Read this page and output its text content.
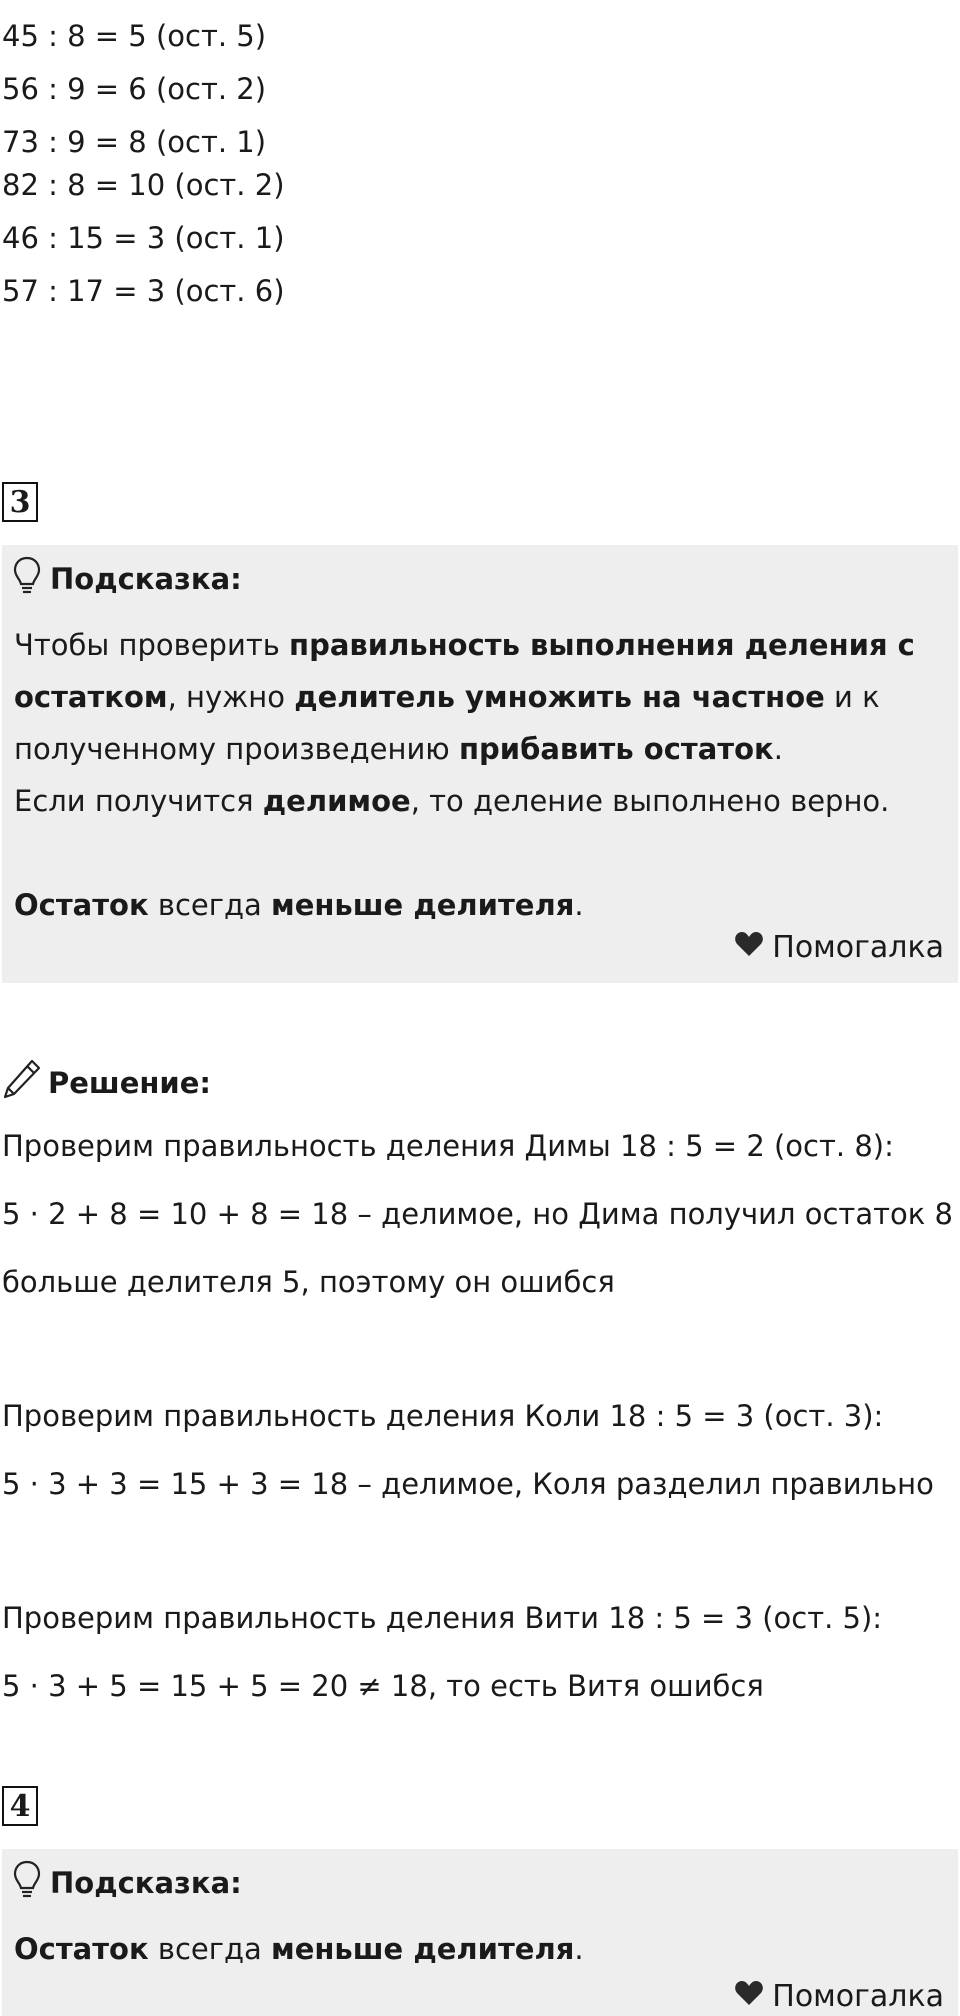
45 : 8 = 5 (ост. 5)
56 : 9 = 6 (ост. 2)
73 : 9 = 8 (ост. 1)
82 : 8 = 10 (ост. 2)
46 : 15 = 3 (ост. 1)
57 : 17 = 3 (ост. 6)
3
Подсказка:

Чтобы проверить правильность выполнения деления с

остатком, нужно делитель умножить на частное и к

полученному произведению прибавить остаток.

Если получится делимое, то деление выполнено верно.

Остаток всегда меньше делителя.

Помогалка
Решение:
Проверим правильность деления Димы 18 : 5 = 2 (ост. 8):
5 · 2 + 8 = 10 + 8 = 18 – делимое, но Дима получил остаток 8
больше делителя 5, поэтому он ошибся
Проверим правильность деления Коли 18 : 5 = 3 (ост. 3):
5 · 3 + 3 = 15 + 3 = 18 – делимое, Коля разделил правильно
Проверим правильность деления Вити 18 : 5 = 3 (ост. 5):
5 · 3 + 5 = 15 + 5 = 20 ≠ 18, то есть Витя ошибся
4
Подсказка:

Остаток всегда меньше делителя.

Помогалка
